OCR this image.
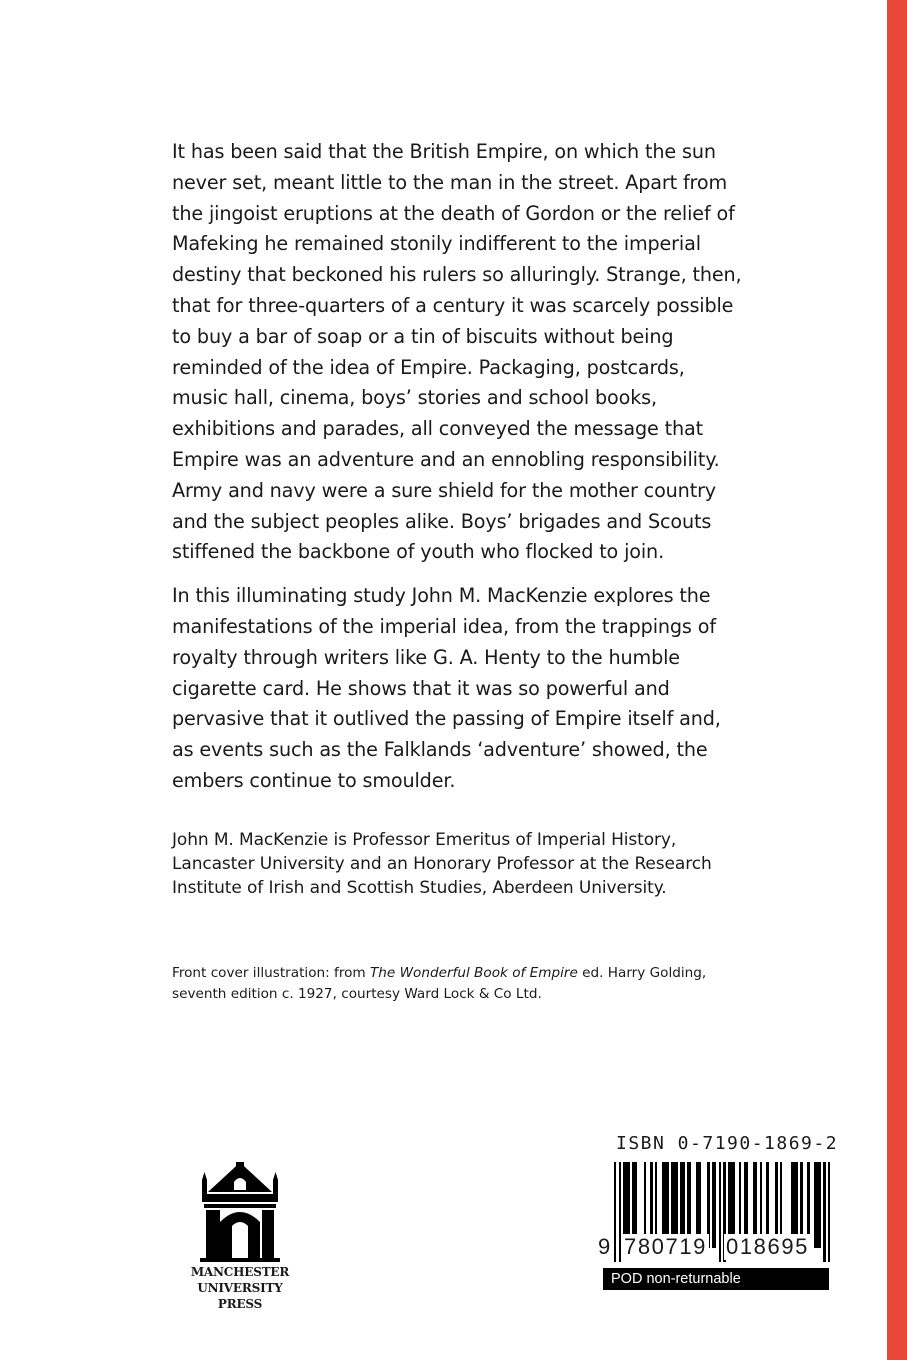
It has been said that the British Empire, on which the sun never set, meant little to the man in the street. Apart from the jingoist eruptions at the death of Gordon or the relief of Mafeking he remained stonily indifferent to the imperial destiny that beckoned his rulers so alluringly. Strange, then, that for three-quarters of a century it was scarcely possible to buy a bar of soap or a tin of biscuits without being reminded of the idea of Empire. Packaging, postcards, music hall, cinema, boys’ stories and school books, exhibitions and parades, all conveyed the message that Empire was an adventure and an ennobling responsibility. Army and navy were a sure shield for the mother country and the subject peoples alike. Boys’ brigades and Scouts stiffened the backbone of youth who flocked to join.

In this illuminating study John M. MacKenzie explores the manifestations of the imperial idea, from the trappings of royalty through writers like G. A. Henty to the humble cigarette card. He shows that it was so powerful and pervasive that it outlived the passing of Empire itself and, as events such as the Falklands ‘adventure’ showed, the embers continue to smoulder.

John M. MacKenzie is Professor Emeritus of Imperial History, Lancaster University and an Honorary Professor at the Research Institute of Irish and Scottish Studies, Aberdeen University.
Front cover illustration: from The Wonderful Book of Empire ed. Harry Golding, seventh edition c. 1927, courtesy Ward Lock & Co Ltd.
MANCHESTER
UNIVERSITY PRESS
ISBN 0-7190-1869-2
9 780719 018695
POD non-returnable
